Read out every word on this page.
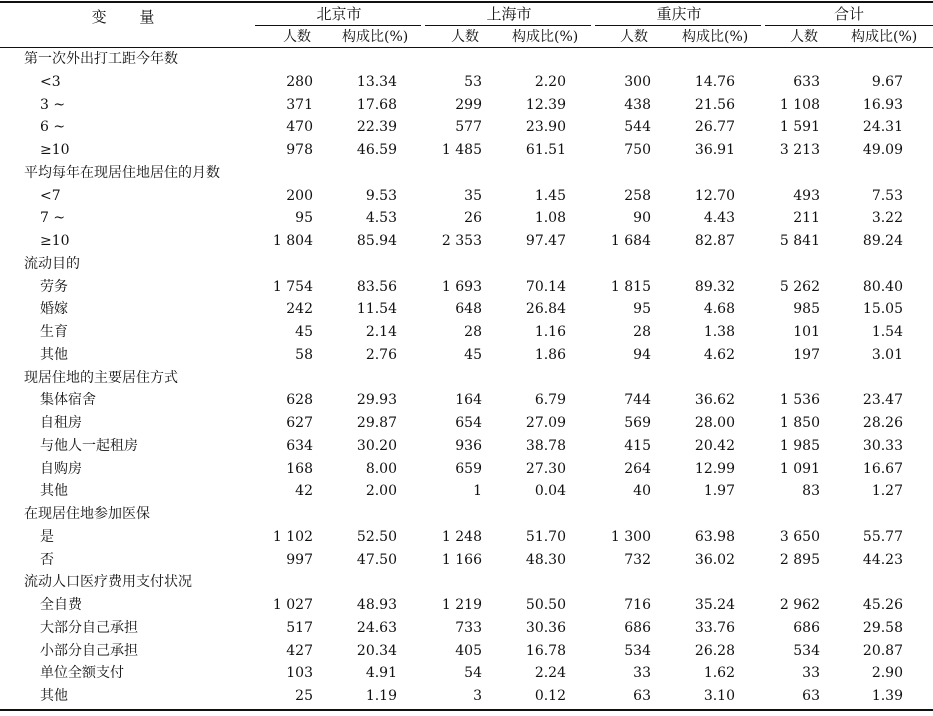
变 量	北京市	上海市	重庆市	合计
人数 构成比(%)	人数 构成比(%)	人数 构成比(%)	人数 构成比(%)
第一次外出打工距今年数
<3	280	13.34	53	2.20	300	14.76	633	9.67
3 ~	371	17.68	299	12.39	438	21.56	1 108	16.93
6 ~	470	22.39	577	23.90	544	26.77	1 591	24.31
≥10	978	46.59	1 485	61.51	750	36.91	3 213	49.09
平均每年在现居住地居住的月数
<7	200	9.53	35	1.45	258	12.70	493	7.53
7 ~	95	4.53	26	1.08	90	4.43	211	3.22
≥10	1 804	85.94	2 353	97.47	1 684	82.87	5 841	89.24
流动目的
劳务	1 754	83.56	1 693	70.14	1 815	89.32	5 262	80.40
婚嫁	242	11.54	648	26.84	95	4.68	985	15.05
生育	45	2.14	28	1.16	28	1.38	101	1.54
其他	58	2.76	45	1.86	94	4.62	197	3.01
现居住地的主要居住方式
集体宿舍	628	29.93	164	6.79	744	36.62	1 536	23.47
自租房	627	29.87	654	27.09	569	28.00	1 850	28.26
与他人一起租房	634	30.20	936	38.78	415	20.42	1 985	30.33
自购房	168	8.00	659	27.30	264	12.99	1 091	16.67
其他	42	2.00	1	0.04	40	1.97	83	1.27
在现居住地参加医保
是	1 102	52.50	1 248	51.70	1 300	63.98	3 650	55.77
否	997	47.50	1 166	48.30	732	36.02	2 895	44.23
流动人口医疗费用支付状况
全自费	1 027	48.93	1 219	50.50	716	35.24	2 962	45.26
大部分自己承担	517	24.63	733	30.36	686	33.76	686	29.58
小部分自己承担	427	20.34	405	16.78	534	26.28	534	20.87
单位全额支付	103	4.91	54	2.24	33	1.62	33	2.90
其他	25	1.19	3	0.12	63	3.10	63	1.39
